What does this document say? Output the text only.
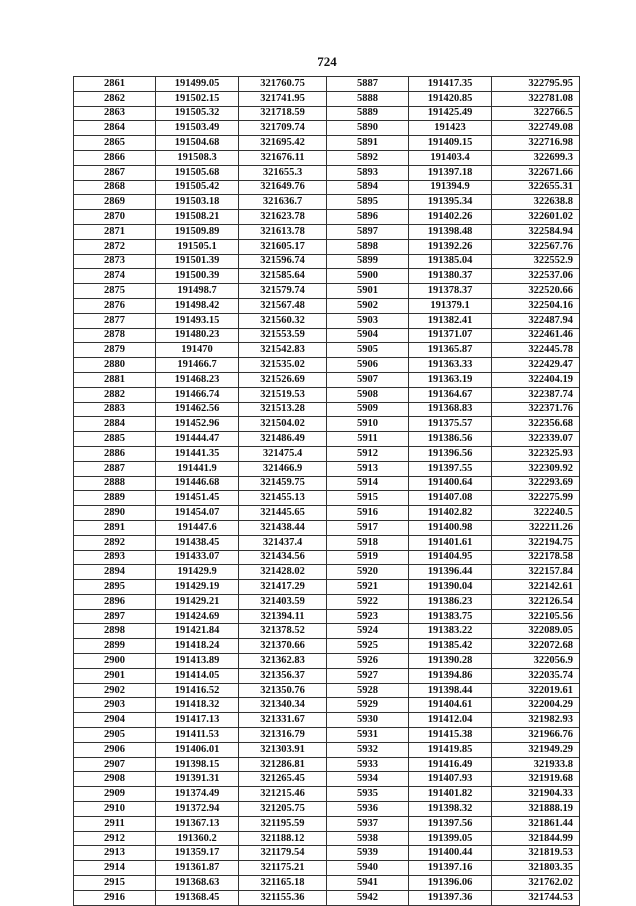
724
2861	191499.05	321760.75	5887	191417.35	322795.95
2862	191502.15	321741.95	5888	191420.85	322781.08
2863	191505.32	321718.59	5889	191425.49	322766.5
2864	191503.49	321709.74	5890	191423	322749.08
2865	191504.68	321695.42	5891	191409.15	322716.98
2866	191508.3	321676.11	5892	191403.4	322699.3
2867	191505.68	321655.3	5893	191397.18	322671.66
2868	191505.42	321649.76	5894	191394.9	322655.31
2869	191503.18	321636.7	5895	191395.34	322638.8
2870	191508.21	321623.78	5896	191402.26	322601.02
2871	191509.89	321613.78	5897	191398.48	322584.94
2872	191505.1	321605.17	5898	191392.26	322567.76
2873	191501.39	321596.74	5899	191385.04	322552.9
2874	191500.39	321585.64	5900	191380.37	322537.06
2875	191498.7	321579.74	5901	191378.37	322520.66
2876	191498.42	321567.48	5902	191379.1	322504.16
2877	191493.15	321560.32	5903	191382.41	322487.94
2878	191480.23	321553.59	5904	191371.07	322461.46
2879	191470	321542.83	5905	191365.87	322445.78
2880	191466.7	321535.02	5906	191363.33	322429.47
2881	191468.23	321526.69	5907	191363.19	322404.19
2882	191466.74	321519.53	5908	191364.67	322387.74
2883	191462.56	321513.28	5909	191368.83	322371.76
2884	191452.96	321504.02	5910	191375.57	322356.68
2885	191444.47	321486.49	5911	191386.56	322339.07
2886	191441.35	321475.4	5912	191396.56	322325.93
2887	191441.9	321466.9	5913	191397.55	322309.92
2888	191446.68	321459.75	5914	191400.64	322293.69
2889	191451.45	321455.13	5915	191407.08	322275.99
2890	191454.07	321445.65	5916	191402.82	322240.5
2891	191447.6	321438.44	5917	191400.98	322211.26
2892	191438.45	321437.4	5918	191401.61	322194.75
2893	191433.07	321434.56	5919	191404.95	322178.58
2894	191429.9	321428.02	5920	191396.44	322157.84
2895	191429.19	321417.29	5921	191390.04	322142.61
2896	191429.21	321403.59	5922	191386.23	322126.54
2897	191424.69	321394.11	5923	191383.75	322105.56
2898	191421.84	321378.52	5924	191383.22	322089.05
2899	191418.24	321370.66	5925	191385.42	322072.68
2900	191413.89	321362.83	5926	191390.28	322056.9
2901	191414.05	321356.37	5927	191394.86	322035.74
2902	191416.52	321350.76	5928	191398.44	322019.61
2903	191418.32	321340.34	5929	191404.61	322004.29
2904	191417.13	321331.67	5930	191412.04	321982.93
2905	191411.53	321316.79	5931	191415.38	321966.76
2906	191406.01	321303.91	5932	191419.85	321949.29
2907	191398.15	321286.81	5933	191416.49	321933.8
2908	191391.31	321265.45	5934	191407.93	321919.68
2909	191374.49	321215.46	5935	191401.82	321904.33
2910	191372.94	321205.75	5936	191398.32	321888.19
2911	191367.13	321195.59	5937	191397.56	321861.44
2912	191360.2	321188.12	5938	191399.05	321844.99
2913	191359.17	321179.54	5939	191400.44	321819.53
2914	191361.87	321175.21	5940	191397.16	321803.35
2915	191368.63	321165.18	5941	191396.06	321762.02
2916	191368.45	321155.36	5942	191397.36	321744.53
